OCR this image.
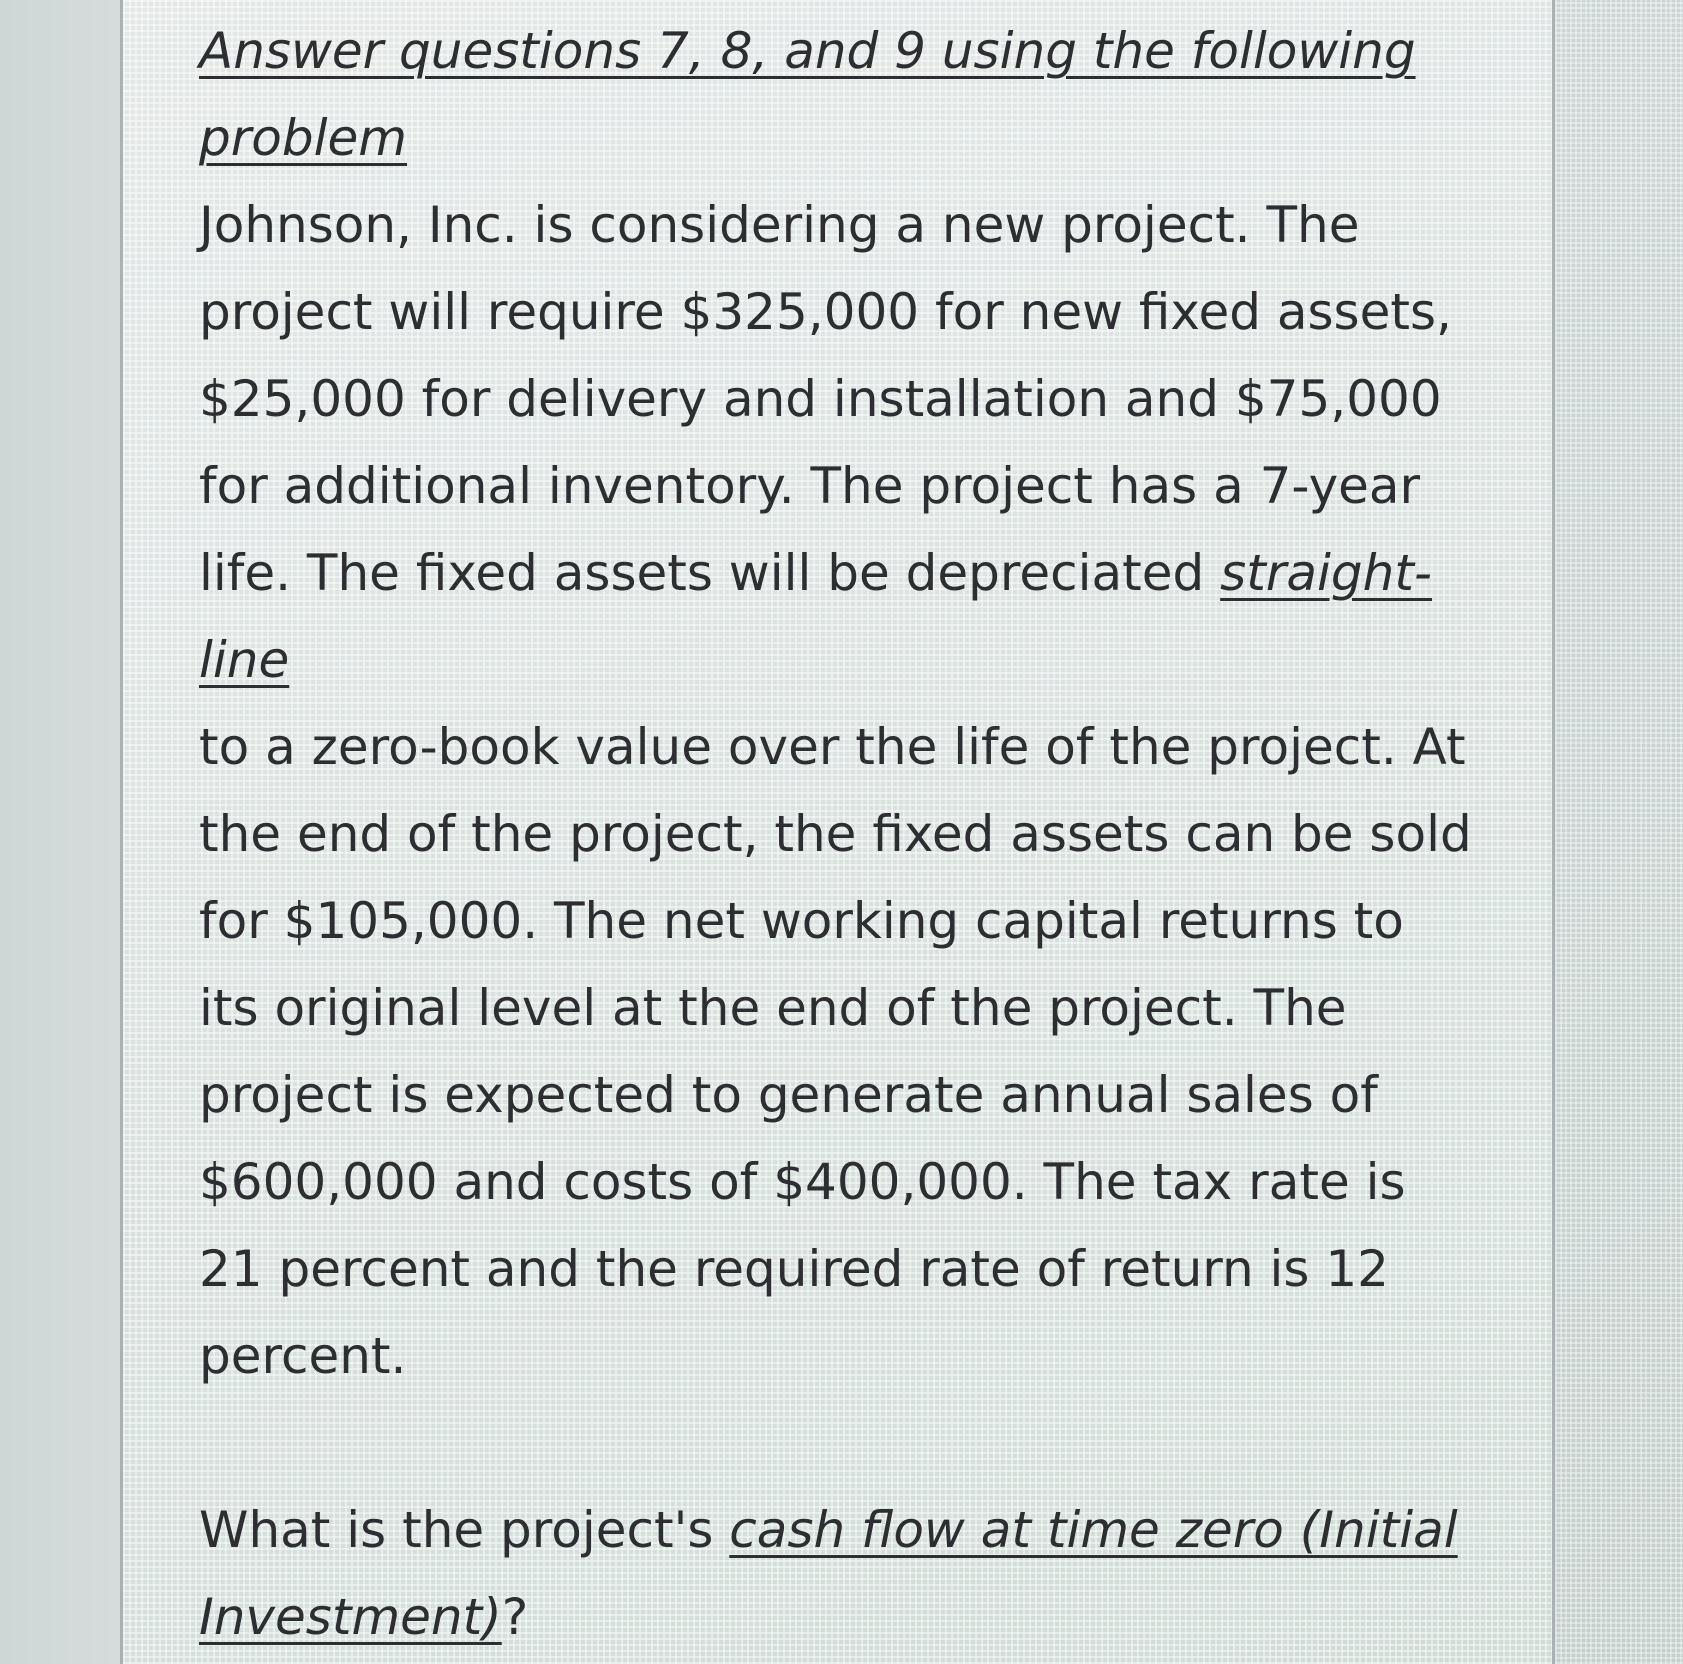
Answer questions 7, 8, and 9 using the following
problem
Johnson, Inc. is considering a new project. The
project will require $325,000 for new fixed assets,
$25,000 for delivery and installation and $75,000
for additional inventory. The project has a 7-year
life. The fixed assets will be depreciated straight-
line
to a zero-book value over the life of the project. At
the end of the project, the fixed assets can be sold
for $105,000. The net working capital returns to
its original level at the end of the project. The
project is expected to generate annual sales of
$600,000 and costs of $400,000. The tax rate is
21 percent and the required rate of return is 12
percent.
What is the project's cash flow at time zero (Initial
Investment)?
